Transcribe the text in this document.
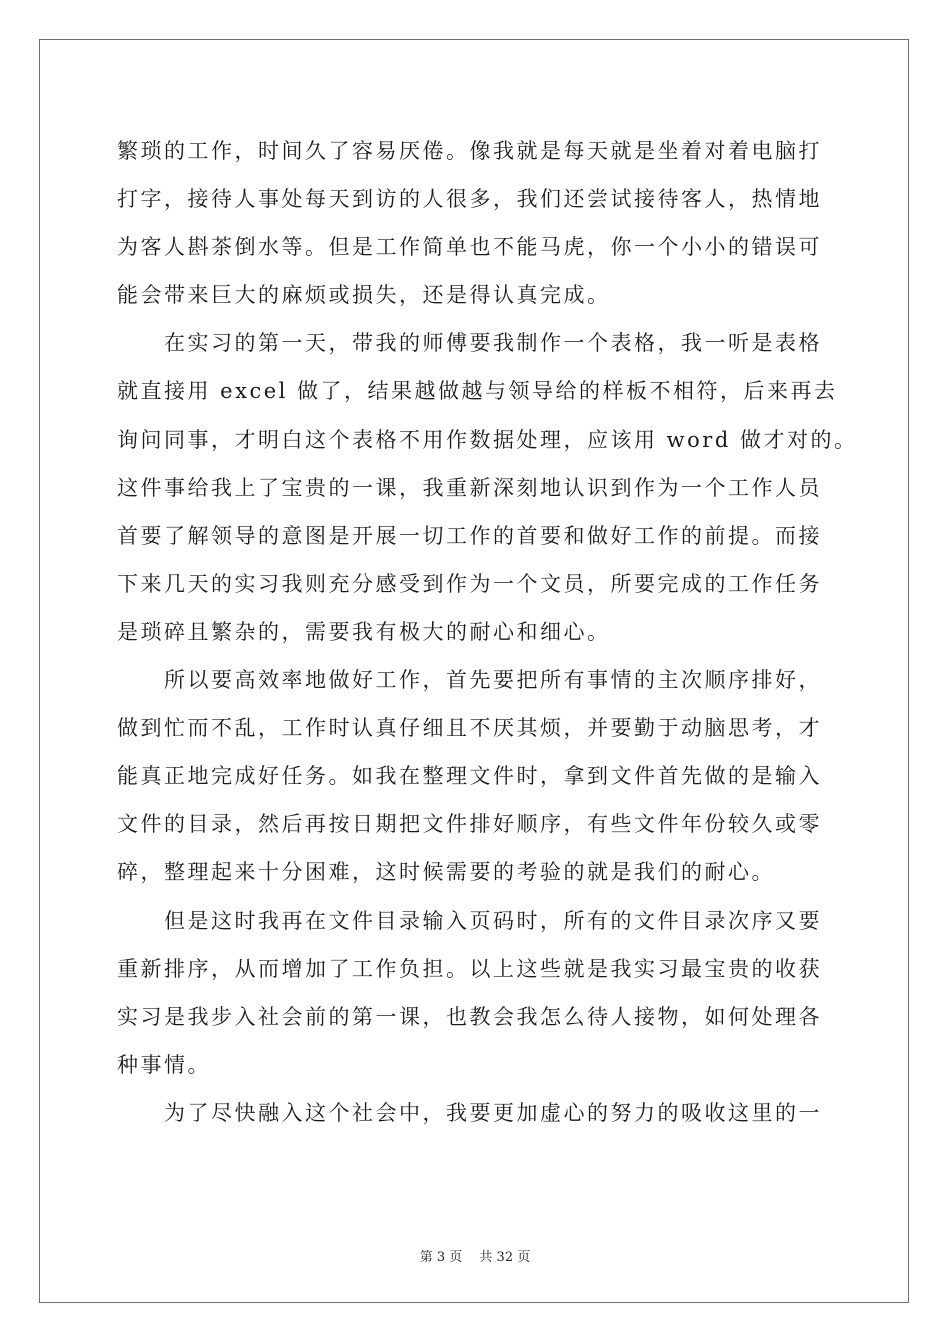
繁琐的工作，时间久了容易厌倦。像我就是每天就是坐着对着电脑打
打字，接待人事处每天到访的人很多，我们还尝试接待客人，热情地
为客人斟茶倒水等。但是工作简单也不能马虎，你一个小小的错误可
能会带来巨大的麻烦或损失，还是得认真完成。
　　在实习的第一天，带我的师傅要我制作一个表格，我一听是表格
就直接用 excel 做了，结果越做越与领导给的样板不相符，后来再去
询问同事，才明白这个表格不用作数据处理，应该用 word 做才对的。
这件事给我上了宝贵的一课，我重新深刻地认识到作为一个工作人员
首要了解领导的意图是开展一切工作的首要和做好工作的前提。而接
下来几天的实习我则充分感受到作为一个文员，所要完成的工作任务
是琐碎且繁杂的，需要我有极大的耐心和细心。
　　所以要高效率地做好工作，首先要把所有事情的主次顺序排好，
做到忙而不乱，工作时认真仔细且不厌其烦，并要勤于动脑思考，才
能真正地完成好任务。如我在整理文件时，拿到文件首先做的是输入
文件的目录，然后再按日期把文件排好顺序，有些文件年份较久或零
碎，整理起来十分困难，这时候需要的考验的就是我们的耐心。
　　但是这时我再在文件目录输入页码时，所有的文件目录次序又要
重新排序，从而增加了工作负担。以上这些就是我实习最宝贵的收获
实习是我步入社会前的第一课，也教会我怎么待人接物，如何处理各
种事情。
　　为了尽快融入这个社会中，我要更加虚心的努力的吸收这里的一
第 3 页　 共 32 页
